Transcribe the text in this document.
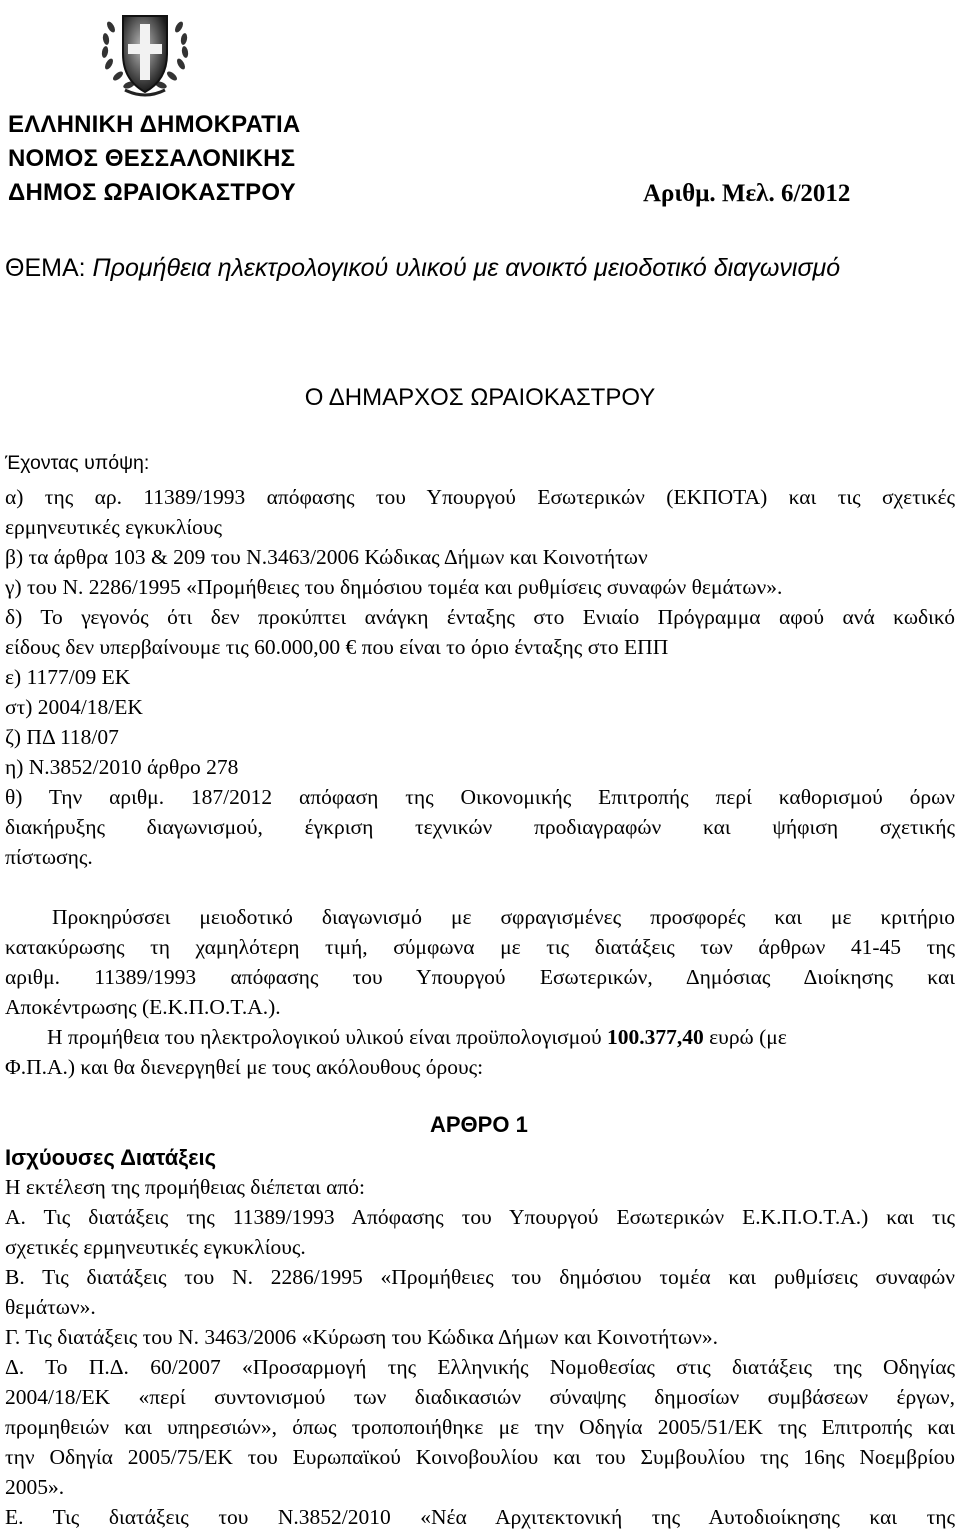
ΕΛΛΗΝΙΚΗ ΔΗΜΟΚΡΑΤΙΑ
ΝΟΜΟΣ ΘΕΣΣΑΛΟΝΙΚΗΣ
ΔΗΜΟΣ ΩΡΑΙΟΚΑΣΤΡΟΥ	Αριθμ. Μελ. 6/2012
ΘΕΜΑ: Προμήθεια ηλεκτρολογικού υλικού με ανοικτό μειοδοτικό διαγωνισμό
Ο ΔΗΜΑΡΧΟΣ ΩΡΑΙΟΚΑΣΤΡΟΥ
Έχοντας υπόψη:
α) της αρ. 11389/1993 απόφασης του Υπουργού Εσωτερικών (ΕΚΠΟΤΑ) και τις σχετικές
ερμηνευτικές εγκυκλίους
β) τα άρθρα 103 & 209 του Ν.3463/2006 Κώδικας Δήμων και Κοινοτήτων
γ) του Ν. 2286/1995 «Προμήθειες του δημόσιου τομέα και ρυθμίσεις συναφών θεμάτων».
δ) Το γεγονός ότι δεν προκύπτει ανάγκη ένταξης στο Ενιαίο Πρόγραμμα αφού ανά κωδικό
είδους δεν υπερβαίνουμε τις 60.000,00 € που είναι το όριο ένταξης στο ΕΠΠ
ε) 1177/09 ΕΚ
στ) 2004/18/ΕΚ
ζ) ΠΔ 118/07
η) Ν.3852/2010 άρθρο 278
θ) Την αριθμ. 187/2012 απόφαση της Οικονομικής Επιτροπής περί καθορισμού όρων
διακήρυξης διαγωνισμού, έγκριση τεχνικών προδιαγραφών και ψήφιση σχετικής
πίστωσης.
Προκηρύσσει μειοδοτικό διαγωνισμό με σφραγισμένες προσφορές και με κριτήριο
κατακύρωσης τη χαμηλότερη τιμή, σύμφωνα με τις διατάξεις των άρθρων 41-45 της
αριθμ. 11389/1993 απόφασης του Υπουργού Εσωτερικών, Δημόσιας Διοίκησης και
Αποκέντρωσης (Ε.Κ.Π.Ο.Τ.Α.).
Η προμήθεια του ηλεκτρολογικού υλικού είναι προϋπολογισμού 100.377,40 ευρώ (με
Φ.Π.Α.) και θα διενεργηθεί με τους ακόλουθους όρους:
ΑΡΘΡΟ 1
Ισχύουσες Διατάξεις
Η εκτέλεση της προμήθειας διέπεται από:
Α. Τις διατάξεις της 11389/1993 Απόφασης του Υπουργού Εσωτερικών Ε.Κ.Π.Ο.Τ.Α.) και τις
σχετικές ερμηνευτικές εγκυκλίους.
Β. Τις διατάξεις του Ν. 2286/1995 «Προμήθειες του δημόσιου τομέα και ρυθμίσεις συναφών
θεμάτων».
Γ. Τις διατάξεις του Ν. 3463/2006 «Κύρωση του Κώδικα Δήμων και Κοινοτήτων».
Δ. Το Π.Δ. 60/2007 «Προσαρμογή της Ελληνικής Νομοθεσίας στις διατάξεις της Οδηγίας
2004/18/ΕΚ «περί συντονισμού των διαδικασιών σύναψης δημοσίων συμβάσεων έργων,
προμηθειών και υπηρεσιών», όπως τροποποιήθηκε με την Οδηγία 2005/51/ΕΚ της Επιτροπής και
την Οδηγία 2005/75/ΕΚ του Ευρωπαϊκού Κοινοβουλίου και του Συμβουλίου της 16ης Νοεμβρίου
2005».
Ε. Τις διατάξεις του Ν.3852/2010 «Νέα Αρχιτεκτονική της Αυτοδιοίκησης και της
